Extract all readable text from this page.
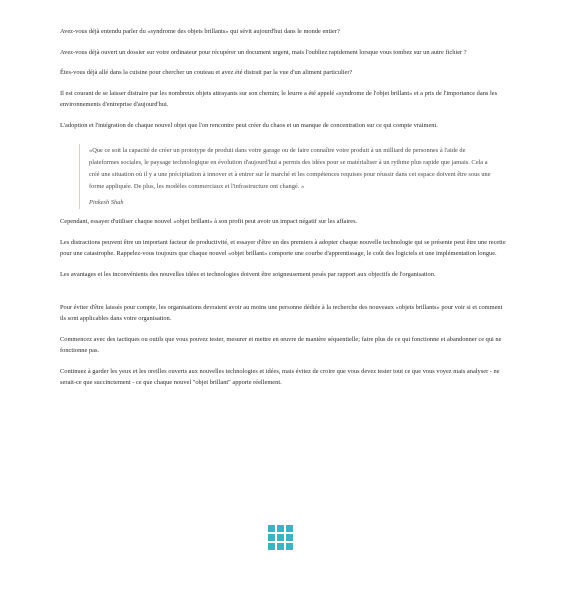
Avez-vous déjà entendu parler du «syndrome des objets brillants» qui sévit aujourd'hui dans le monde entier?

Avez-vous déjà ouvert un dossier sur votre ordinateur pour récupérer un document urgent, mais l'oubliez rapidement lorsque vous tombez sur un autre fichier ?

Êtes-vous déjà allé dans la cuisine pour chercher un couteau et avez été distrait par la vue d'un aliment particulier?

Il est courant de se laisser distraire par les nombreux objets attrayants sur son chemin; le leurre a été appelé «syndrome de l'objet brillant» et a pris de l'importance dans les environnements d'entreprise d'aujourd'hui.

L'adoption et l'intégration de chaque nouvel objet que l'on rencontre peut créer du chaos et un manque de concentration sur ce qui compte vraiment.

«Que ce soit la capacité de créer un prototype de produit dans votre garage ou de faire connaître votre produit à un milliard de personnes à l'aide de plateformes sociales, le paysage technologique en évolution d'aujourd'hui a permis des idées pour se matérialiser à un rythme plus rapide que jamais. Cela a créé une situation où il y a une précipitation à innover et à entrer sur le marché et les compétences requises pour réussir dans cet espace doivent être sous une forme appliquée. De plus, les modèles commerciaux et l'infrastructure ont changé. »

Pinkesh Shah

Cependant, essayer d'utiliser chaque nouvel «objet brillant» à son profit peut avoir un impact négatif sur les affaires.

Les distractions peuvent être un important facteur de productivité, et essayer d'être un des premiers à adopter chaque nouvelle technologie qui se présente peut être une recette pour une catastrophe. Rappelez-vous toujours que chaque nouvel «objet brillant» comporte une courbe d'apprentissage, le coût des logiciels et une implémentation longue.

Les avantages et les inconvénients des nouvelles idées et technologies doivent être soigneusement pesés par rapport aux objectifs de l'organisation.

Pour éviter d'être laissés pour compte, les organisations devraient avoir au moins une personne dédiée à la recherche des nouveaux «objets brillants» pour voir si et comment ils sont applicables dans votre organisation.

Commencez avec des tactiques ou outils que vous pouvez tester, mesurer et mettre en œuvre de manière séquentielle; faire plus de ce qui fonctionne et abandonner ce qui ne fonctionne pas.

Continuez à garder les yeux et les oreilles ouverts aux nouvelles technologies et idées, mais évitez de croire que vous devez tester tout ce que vous voyez mais analyser - ne serait-ce que succinctement - ce que chaque nouvel "objet brillant" apporte réellement.
